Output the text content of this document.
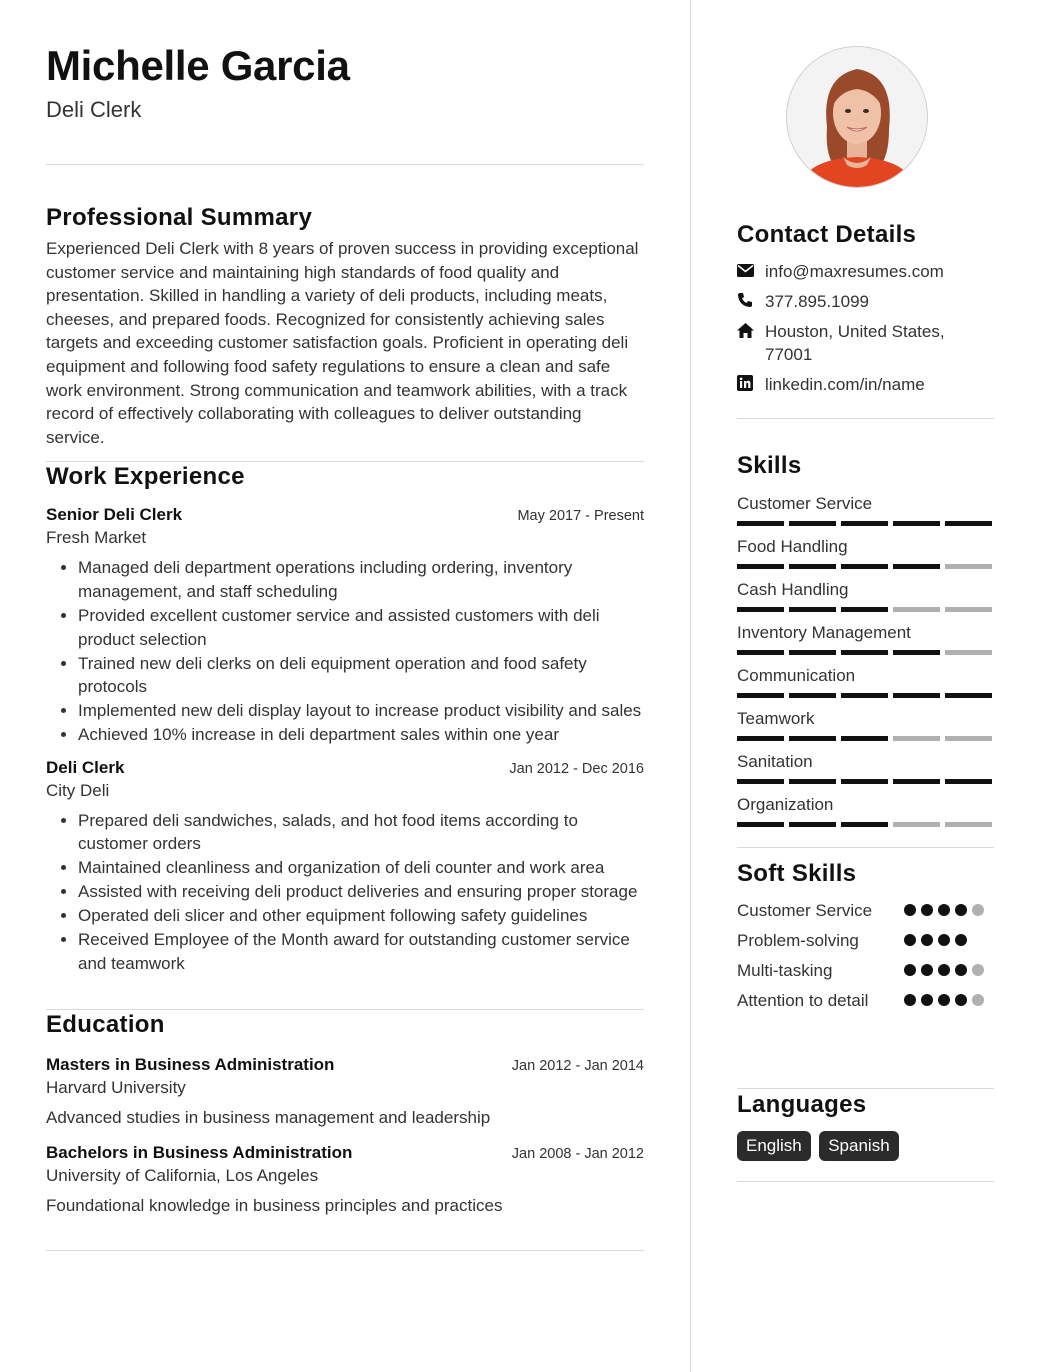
Michelle Garcia
Deli Clerk
Professional Summary
Experienced Deli Clerk with 8 years of proven success in providing exceptional customer service and maintaining high standards of food quality and presentation. Skilled in handling a variety of deli products, including meats, cheeses, and prepared foods. Recognized for consistently achieving sales targets and exceeding customer satisfaction goals. Proficient in operating deli equipment and following food safety regulations to ensure a clean and safe work environment. Strong communication and teamwork abilities, with a track record of effectively collaborating with colleagues to deliver outstanding service.
Work Experience
Senior Deli Clerk	May 2017 - Present
Fresh Market
• Managed deli department operations including ordering, inventory management, and staff scheduling
• Provided excellent customer service and assisted customers with deli product selection
• Trained new deli clerks on deli equipment operation and food safety protocols
• Implemented new deli display layout to increase product visibility and sales
• Achieved 10% increase in deli department sales within one year
Deli Clerk	Jan 2012 - Dec 2016
City Deli
• Prepared deli sandwiches, salads, and hot food items according to customer orders
• Maintained cleanliness and organization of deli counter and work area
• Assisted with receiving deli product deliveries and ensuring proper storage
• Operated deli slicer and other equipment following safety guidelines
• Received Employee of the Month award for outstanding customer service and teamwork
Education
Masters in Business Administration	Jan 2012 - Jan 2014
Harvard University
Advanced studies in business management and leadership
Bachelors in Business Administration	Jan 2008 - Jan 2012
University of California, Los Angeles
Foundational knowledge in business principles and practices
Contact Details
info@maxresumes.com
377.895.1099
Houston, United States, 77001
linkedin.com/in/name
Skills
Customer Service
Food Handling
Cash Handling
Inventory Management
Communication
Teamwork
Sanitation
Organization
Soft Skills
Customer Service
Problem-solving
Multi-tasking
Attention to detail
Languages
English Spanish
